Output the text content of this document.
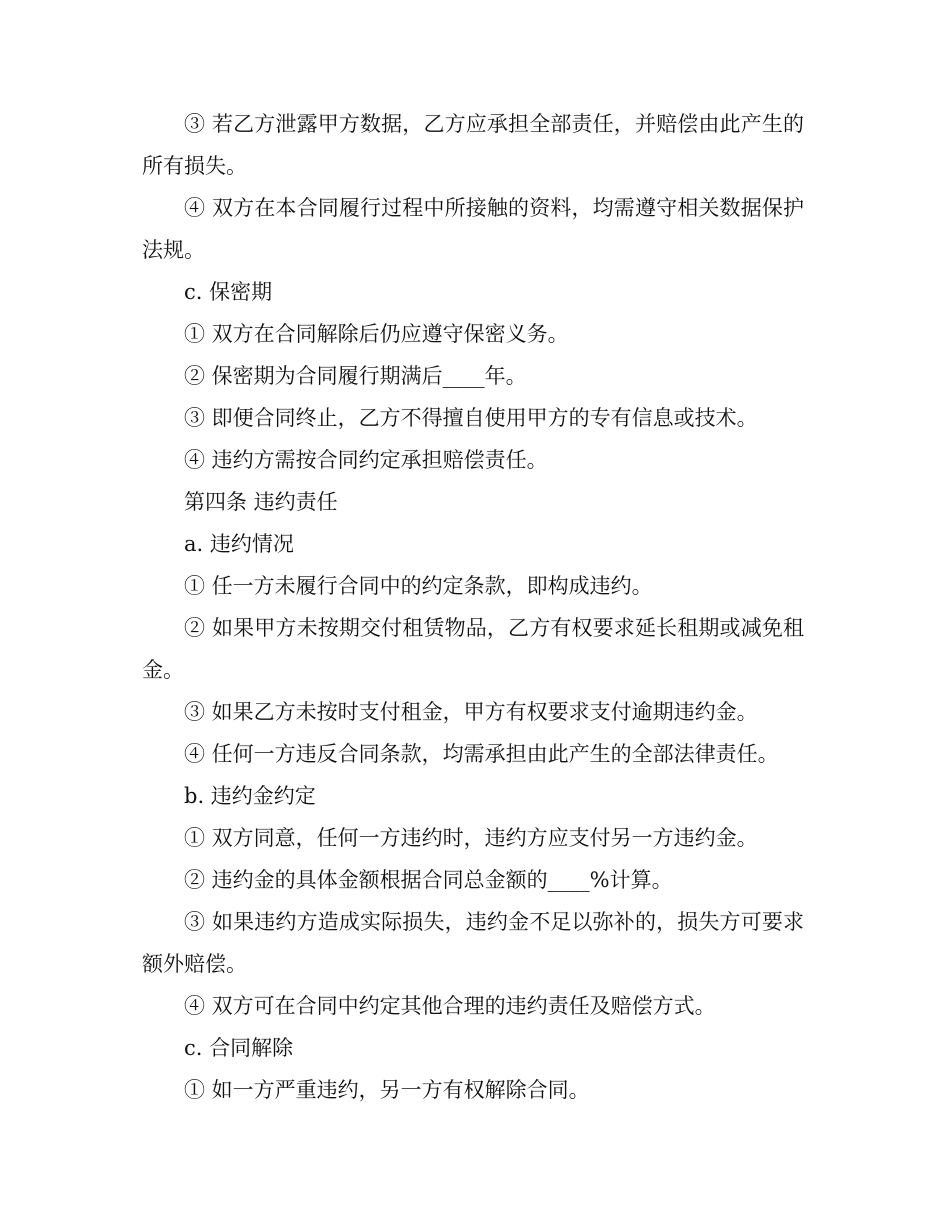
③ 若乙方泄露甲方数据，乙方应承担全部责任，并赔偿由此产生的所有损失。

④ 双方在本合同履行过程中所接触的资料，均需遵守相关数据保护法规。

c. 保密期

① 双方在合同解除后仍应遵守保密义务。

② 保密期为合同履行期满后____年。

③ 即便合同终止，乙方不得擅自使用甲方的专有信息或技术。

④ 违约方需按合同约定承担赔偿责任。

第四条 违约责任

a. 违约情况

① 任一方未履行合同中的约定条款，即构成违约。

② 如果甲方未按期交付租赁物品，乙方有权要求延长租期或减免租金。

③ 如果乙方未按时支付租金，甲方有权要求支付逾期违约金。

④ 任何一方违反合同条款，均需承担由此产生的全部法律责任。

b. 违约金约定

① 双方同意，任何一方违约时，违约方应支付另一方违约金。

② 违约金的具体金额根据合同总金额的____%计算。

③ 如果违约方造成实际损失，违约金不足以弥补的，损失方可要求额外赔偿。

④ 双方可在合同中约定其他合理的违约责任及赔偿方式。

c. 合同解除

① 如一方严重违约，另一方有权解除合同。
